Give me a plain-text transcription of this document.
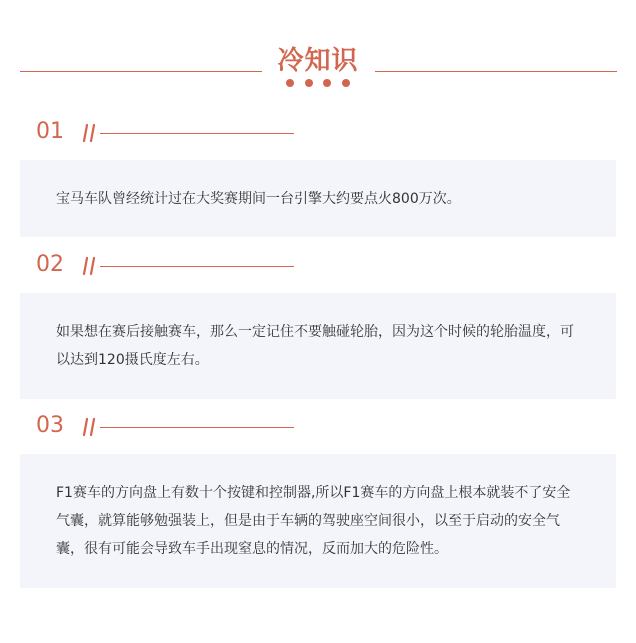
冷知识
01
宝马车队曾经统计过在大奖赛期间一台引擎大约要点火800万次。
02
如果想在赛后接触赛车，那么一定记住不要触碰轮胎，因为这个时候的轮胎温度，可以达到120摄氏度左右。
03
F1赛车的方向盘上有数十个按键和控制器,所以F1赛车的方向盘上根本就装不了安全气囊，就算能够勉强装上，但是由于车辆的驾驶座空间很小，以至于启动的安全气囊，很有可能会导致车手出现窒息的情况，反而加大的危险性。
